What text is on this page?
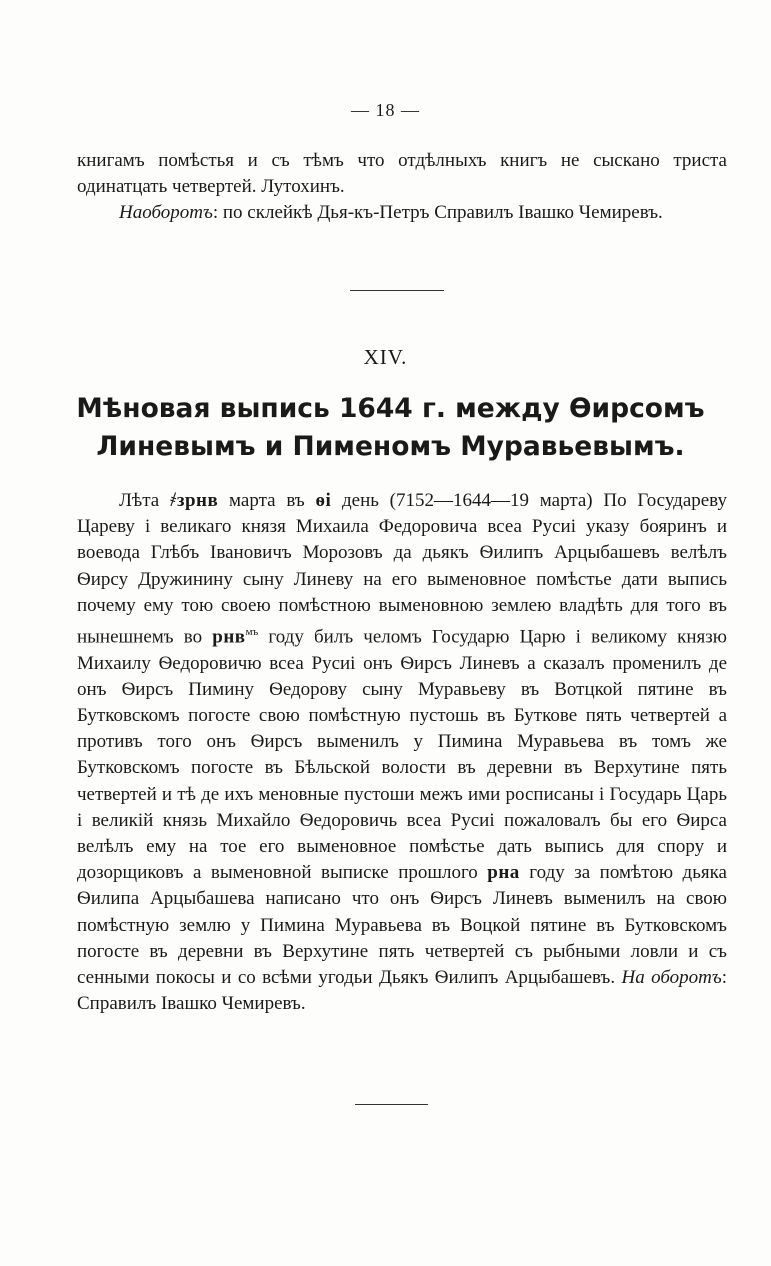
— 18 —

книгамъ помѣстья и съ тѣмъ что отдѣлныхъ книгъ не сыскано триста одинатцать четвертей. Лутохинъ.

Наоборотъ: по склейкѣ Дья-къ-Петръ Справилъ Івашко Чемиревъ.

XIV.
Мѣновая выпись 1644 г. между Ѳирсомъ Линевымъ и Пименомъ Муравьевымъ.

Лѣта ҂зрнв марта въ ѳі день (7152—1644—19 марта) По Государеву Цареву і великаго князя Михаила Федоровича всеа Русиі указу бояринъ и воевода Глѣбъ Івановичъ Морозовъ да дьякъ Ѳилипъ Арцыбашевъ велѣлъ Ѳирсу Дружинину сыну Линеву на его выменовное помѣстье дати выпись почему ему тою своею помѣстною выменовною землею владѣть для того въ нынешнемъ во рнв$^{мъ}$ году билъ челомъ Государю Царю і великому князю Михаилу Ѳедоровичю всеа Русиі онъ Ѳирсъ Линевъ а сказалъ променилъ де онъ Ѳирсъ Пимину Ѳедорову сыну Муравьеву въ Вотцкой пятине въ Бутковскомъ погосте свою помѣстную пустошь въ Буткове пять четвертей а противъ того онъ Ѳирсъ выменилъ у Пимина Муравьева въ томъ же Бутковскомъ погосте въ Бѣльской волости въ деревни въ Верхутине пять четвертей и тѣ де ихъ меновные пустоши межъ ими росписаны і Государь Царь і великій князь Михайло Ѳедоровичь всеа Русиі пожаловалъ бы его Ѳирса велѣлъ ему на тое его выменовное помѣстье дать выпись для спору и дозорщиковъ а выменовной выписке прошлого рна году за помѣтою дьяка Ѳилипа Арцыбашева написано что онъ Ѳирсъ Линевъ выменилъ на свою помѣстную землю у Пимина Муравьева въ Воцкой пятине въ Бутковскомъ погосте въ деревни въ Верхутине пять четвертей съ рыбными ловли и съ сенными покосы и со всѣми угодьи Дьякъ Ѳилипъ Арцыбашевъ. На оборотъ: Справилъ Івашко Чемиревъ.
